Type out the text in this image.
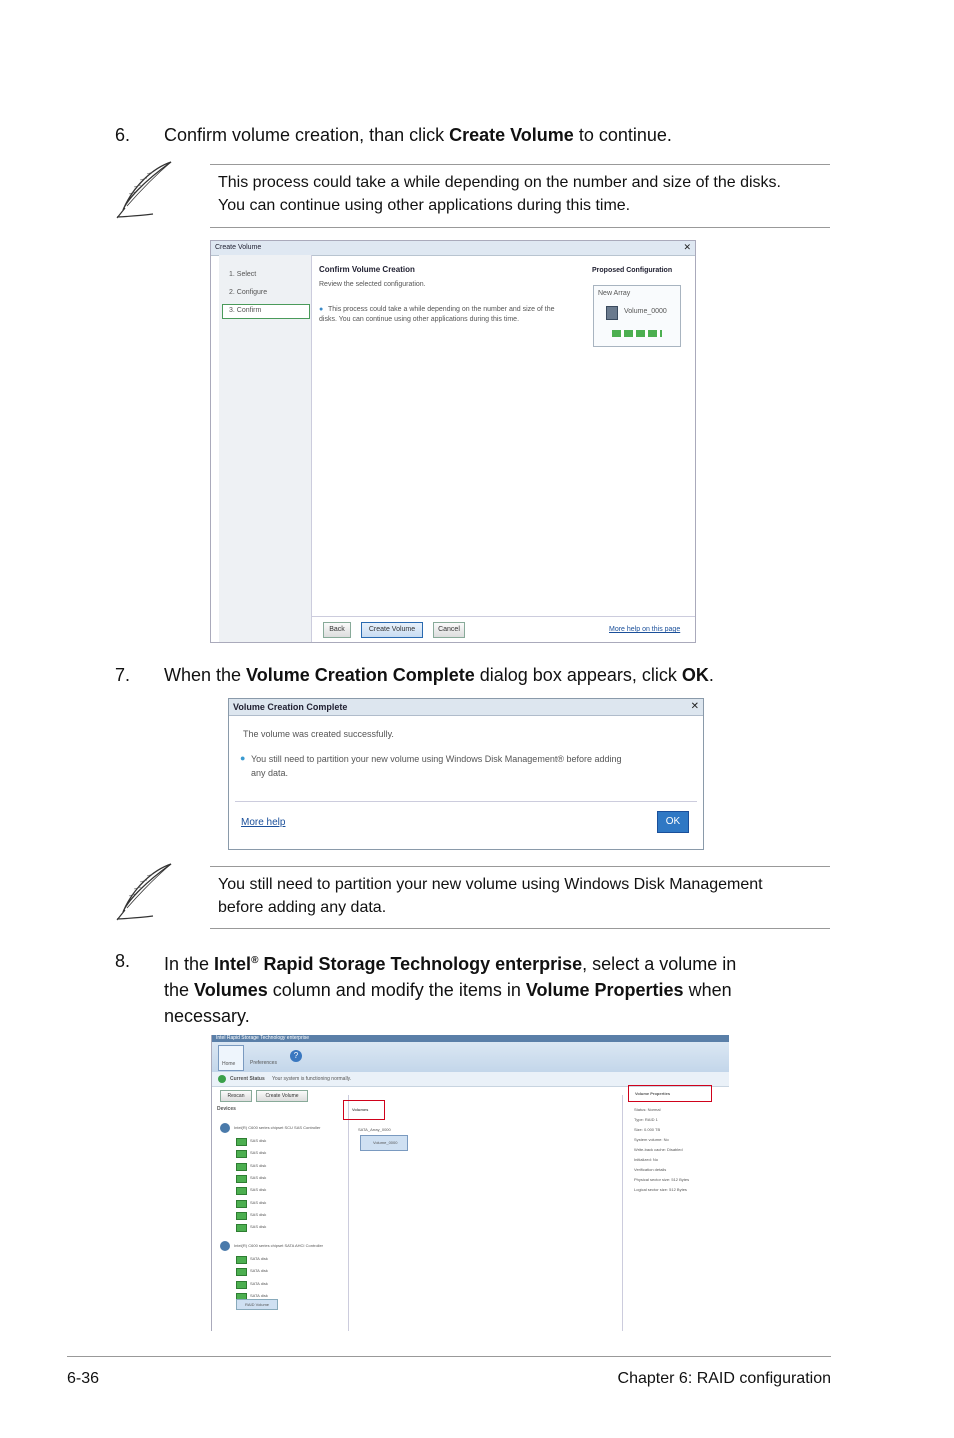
6. Confirm volume creation, than click Create Volume to continue.
This process could take a while depending on the number and size of the disks.
You can continue using other applications during this time.
Create Volume	✕
1. Select
2. Configure
3. Confirm
Confirm Volume Creation
Review the selected configuration.
● This process could take a while depending on the number and size of the
disks. You can continue using other applications during this time.
Proposed Configuration
New Array
Volume_0000
Back	Create Volume	Cancel	More help on this page
7. When the Volume Creation Complete dialog box appears, click OK.
Volume Creation Complete	✕
The volume was created successfully.
● You still need to partition your new volume using Windows Disk Management® before adding
any data.
More help	OK
You still need to partition your new volume using Windows Disk Management
before adding any data.
8. In the Intel® Rapid Storage Technology enterprise, select a volume in
the Volumes column and modify the items in Volume Properties when
necessary.
Intel Rapid Storage Technology enterprise
Home	Preferences
?
Current Status Your system is functioning normally.
Rescan	Create Volume
Devices
Intel(R) C600 series chipset SCU SAS Controller
SAS disk
SAS disk
SAS disk
SAS disk
SAS disk
SAS disk
SAS disk
SAS disk
Intel(R) C600 series chipset SATA AHCI Controller
SATA disk
SATA disk
SATA disk
SATA disk
RAID Volume
Volumes
SATA_Array_0000
Volume_0000
Volume Properties
Status: Normal
Type: RAID 1
Size: 0.000 TB
System volume: No
Write-back cache: Disabled
Initialized: No
Verification details
Physical sector size: 512 Bytes
Logical sector size: 512 Bytes
6-36	Chapter 6: RAID configuration
